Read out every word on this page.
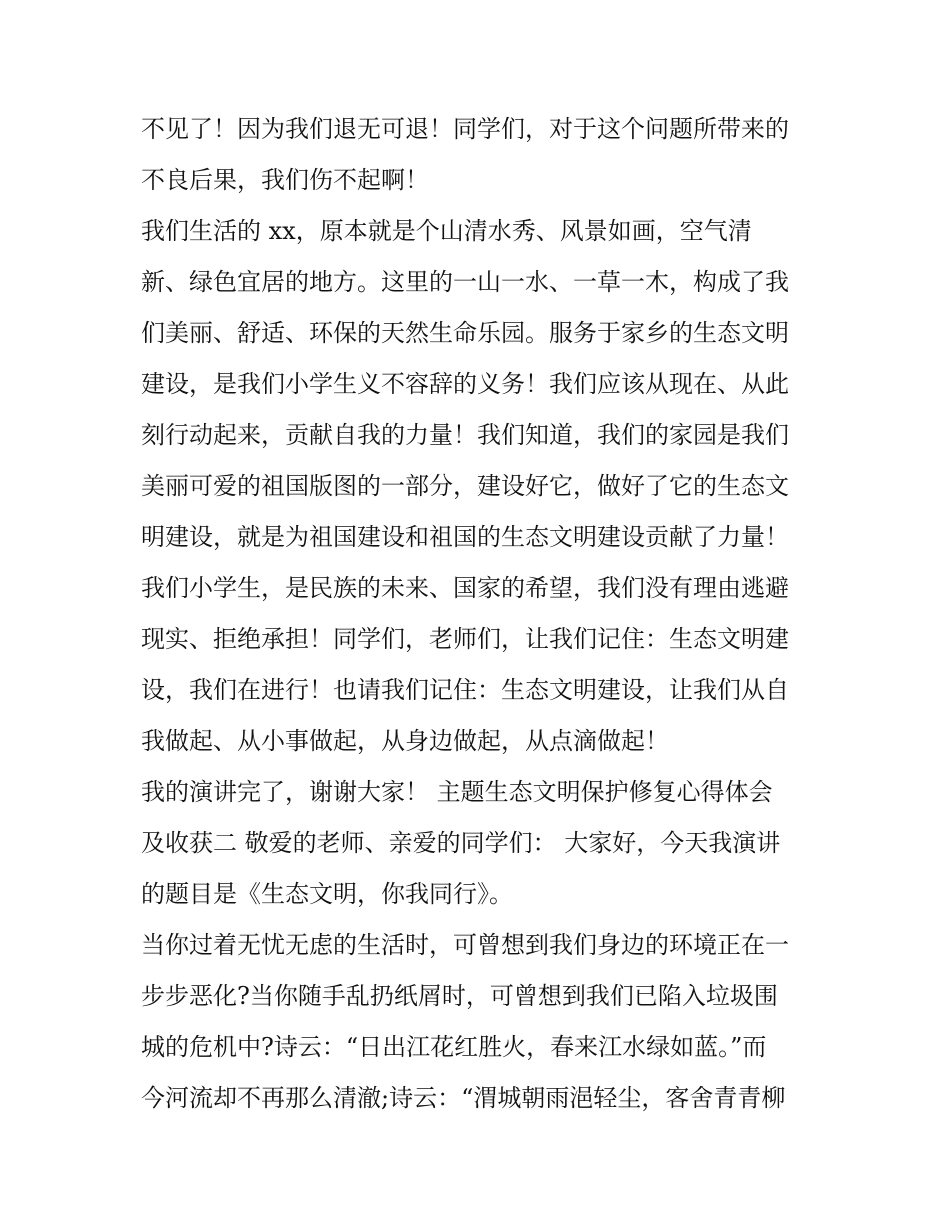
不见了！因为我们退无可退！同学们，对于这个问题所带来的
不良后果，我们伤不起啊！
我们生活的 xx，原本就是个山清水秀、风景如画，空气清
新、绿色宜居的地方。这里的一山一水、一草一木，构成了我
们美丽、舒适、环保的天然生命乐园。服务于家乡的生态文明
建设，是我们小学生义不容辞的义务！我们应该从现在、从此
刻行动起来，贡献自我的力量！我们知道，我们的家园是我们
美丽可爱的祖国版图的一部分，建设好它，做好了它的生态文
明建设，就是为祖国建设和祖国的生态文明建设贡献了力量！
我们小学生，是民族的未来、国家的希望，我们没有理由逃避
现实、拒绝承担！同学们，老师们，让我们记住：生态文明建
设，我们在进行！也请我们记住：生态文明建设，让我们从自
我做起、从小事做起，从身边做起，从点滴做起！
我的演讲完了，谢谢大家！ 主题生态文明保护修复心得体会
及收获二 敬爱的老师、亲爱的同学们： 大家好，今天我演讲
的题目是《生态文明，你我同行》。
当你过着无忧无虑的生活时，可曾想到我们身边的环境正在一
步步恶化?当你随手乱扔纸屑时，可曾想到我们已陷入垃圾围
城的危机中?诗云：“日出江花红胜火，春来江水绿如蓝。”而
今河流却不再那么清澈;诗云：“渭城朝雨浥轻尘，客舍青青柳
